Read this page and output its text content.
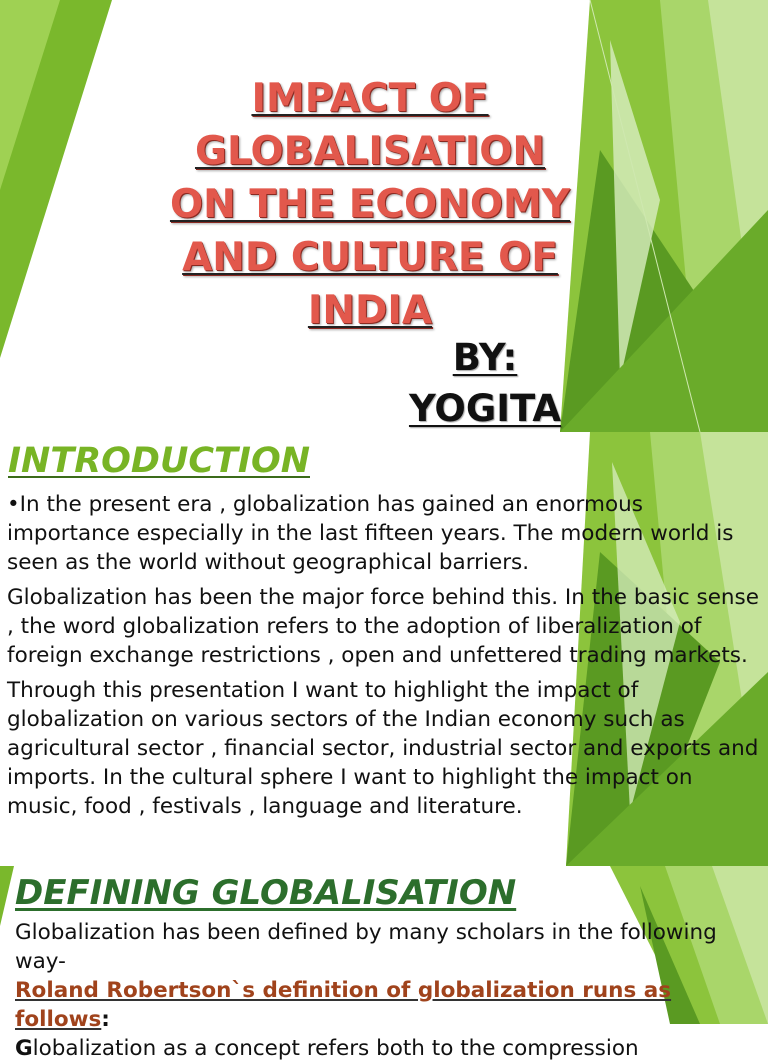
IMPACT OF
GLOBALISATION
ON THE ECONOMY
AND CULTURE OF
INDIA
BY:
YOGITA
INTRODUCTION

•In the present era , globalization has gained an enormous importance especially in the last fifteen years. The modern world is seen as the world without geographical barriers.

Globalization has been the major force behind this. In the basic sense , the word globalization refers to the adoption of liberalization of foreign exchange restrictions , open and unfettered trading markets.

Through this presentation I want to highlight the impact of globalization on various sectors of the Indian economy such as agricultural sector , financial sector, industrial sector and exports and imports. In the cultural sphere I want to highlight the impact on music, food , festivals , language and literature.

DEFINING GLOBALISATION

Globalization has been defined by many scholars in the following way-

Roland Robertson`s definition of globalization runs as follows:

Globalization as a concept refers both to the compression
